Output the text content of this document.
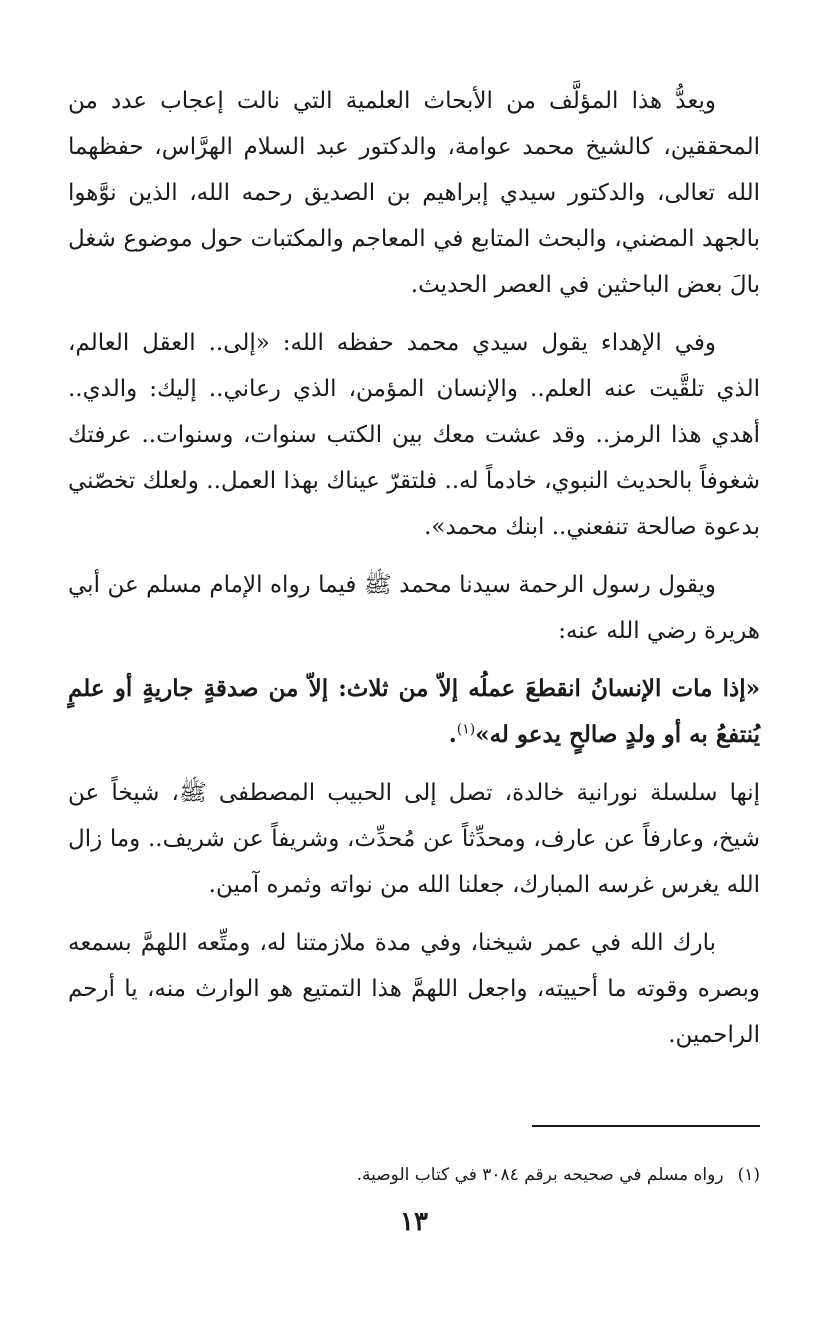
ويعدُّ هذا المؤلَّف من الأبحاث العلمية التي نالت إعجاب عدد من المحققين، كالشيخ محمد عوامة، والدكتور عبد السلام الهرَّاس، حفظهما الله تعالى، والدكتور سيدي إبراهيم بن الصديق رحمه الله، الذين نوَّهوا بالجهد المضني، والبحث المتابع في المعاجم والمكتبات حول موضوع شغل بالَ بعض الباحثين في العصر الحديث.

وفي الإهداء يقول سيدي محمد حفظه الله: «إلى.. العقل العالم، الذي تلقَّيت عنه العلم.. والإنسان المؤمن، الذي رعاني.. إليك: والدي.. أهدي هذا الرمز.. وقد عشت معك بين الكتب سنوات، وسنوات.. عرفتك شغوفاً بالحديث النبوي، خادماً له.. فلتقرّ عيناك بهذا العمل.. ولعلك تخصّني بدعوة صالحة تنفعني.. ابنك محمد».

ويقول رسول الرحمة سيدنا محمد ﷺ فيما رواه الإمام مسلم عن أبي هريرة رضي الله عنه:

«إذا مات الإنسانُ انقطعَ عملُه إلاّ من ثلاث: إلاّ من صدقةٍ جاريةٍ أو علمٍ يُنتفعُ به أو ولدٍ صالحٍ يدعو له»$^{(١)}$.

إنها سلسلة نورانية خالدة، تصل إلى الحبيب المصطفى ﷺ، شيخاً عن شيخ، وعارفاً عن عارف، ومحدِّثاً عن مُحدِّث، وشريفاً عن شريف.. وما زال الله يغرس غرسه المبارك، جعلنا الله من نواته وثمره آمين.

بارك الله في عمر شيخنا، وفي مدة ملازمتنا له، ومتِّعه اللهمَّ بسمعه وبصره وقوته ما أحييته، واجعل اللهمَّ هذا التمتيع هو الوارث منه، يا أرحم الراحمين.

(١)رواه مسلم في صحيحه برقم ٣٠٨٤ في كتاب الوصية.
١٣
